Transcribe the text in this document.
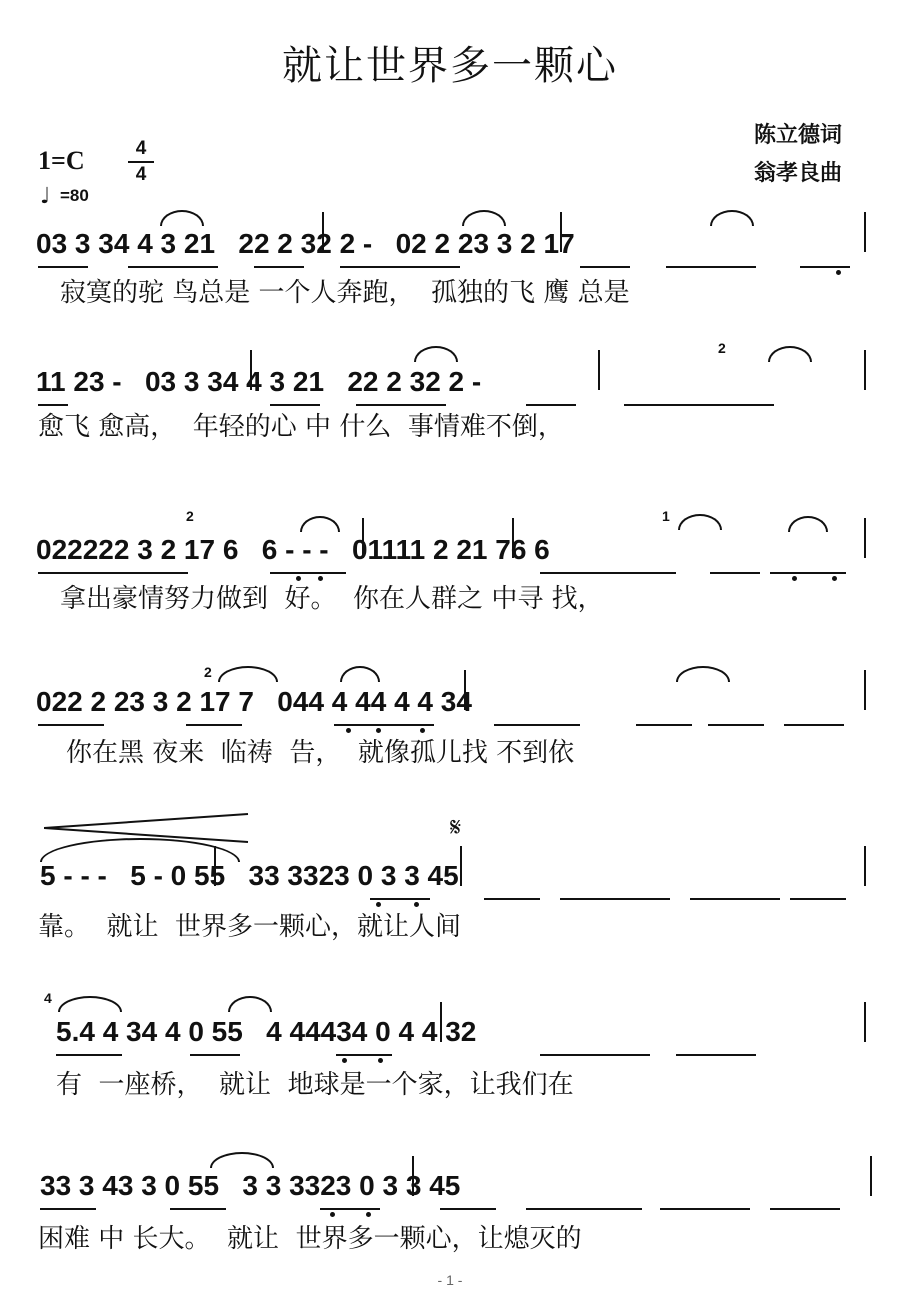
就让世界多一颗心
陈立德词
翁孝良曲
1=C	4
4
♩ =80
03 3 34 4 3 21   22 2 32 2 -   02 2 23 3 2 17
寂寞的驼 鸟总是 一个人奔跑，  孤独的飞 鹰 总是
11 23 -   03 3 34 4 3 21   22 2 32 2 -
愈飞 愈高，  年轻的心 中 什么  事情难不倒，
2
022222 3 2 17 6   6 - - -   01111 2 21 76 6
拿出豪情努力做到  好。  你在人群之 中寻 找，
2	1
022 2 23 3 2 17 7   044 4 44 4 4 34
你在黑 夜来  临祷  告，  就像孤儿找 不到依
2
𝄋
5 - - -   5 - 0 55   33 3323 0 3 3 45
靠。  就让  世界多一颗心，就让人间
5.4 4 34 4 0 55   4 44434 0 4 4 32
有  一座桥，  就让  地球是一个家，让我们在
4
33 3 43 3 0 55   3 3 3323 0 3 3 45
困难 中 长大。  就让  世界多一颗心，让熄灭的
- 1 -
